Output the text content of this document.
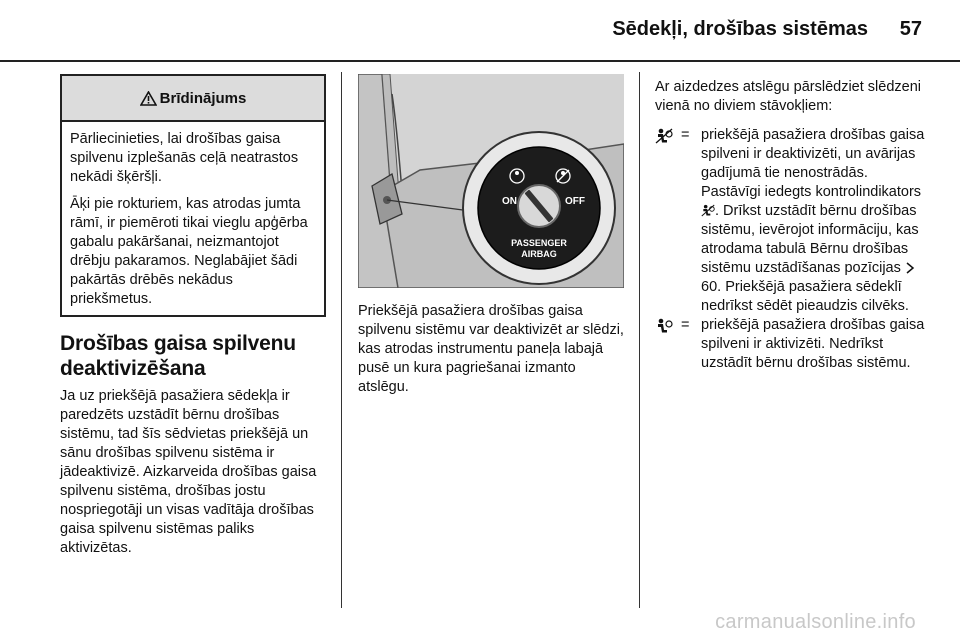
Sēdekļi, drošības sistēmas 57
Brīdinājums

Pārliecinieties, lai drošības gaisa spilvenu izplešanās ceļā neatrastos nekādi šķēršļi.

Āķi pie rokturiem, kas atrodas jumta rāmī, ir piemēroti tikai vieglu apģērba gabalu pakāršanai, neizmantojot drēbju pakaramos. Neglabājiet šādi pakārtās drēbēs nekādus priekšmetus.

Drošības gaisa spilvenu deaktivizēšana

Ja uz priekšējā pasažiera sēdekļa ir paredzēts uzstādīt bērnu drošības sistēmu, tad šīs sēdvietas priekšējā un sānu drošības spilvenu sistēma ir jādeaktivizē. Aizkarveida drošības gaisa spilvenu sistēma, drošības jostu nospriegotāji un visas vadītāja drošības gaisa spilvenu sistēmas paliks aktivizētas.

ON	OFF
PASSENGER
AIRBAG

Priekšējā pasažiera drošības gaisa spilvenu sistēmu var deaktivizēt ar slēdzi, kas atrodas instrumentu paneļa labajā pusē un kura pagriešanai izmanto atslēgu.

Ar aizdedzes atslēgu pārslēdziet slēdzeni vienā no diviem stāvokļiem:

= priekšējā pasažiera drošības gaisa spilveni ir deaktivizēti, un avārijas gadījumā tie nenostrādās. Pastāvīgi iedegts kontrolindikators . Drīkst uzstādīt bērnu drošības sistēmu, ievērojot informāciju, kas atrodama tabulā Bērnu drošības sistēmu uzstādīšanas pozīcijas  60. Priekšējā pasažiera sēdeklī nedrīkst sēdēt pieaudzis cilvēks.
= priekšējā pasažiera drošības gaisa spilveni ir aktivizēti. Nedrīkst uzstādīt bērnu drošības sistēmu.
carmanualsonline.info
